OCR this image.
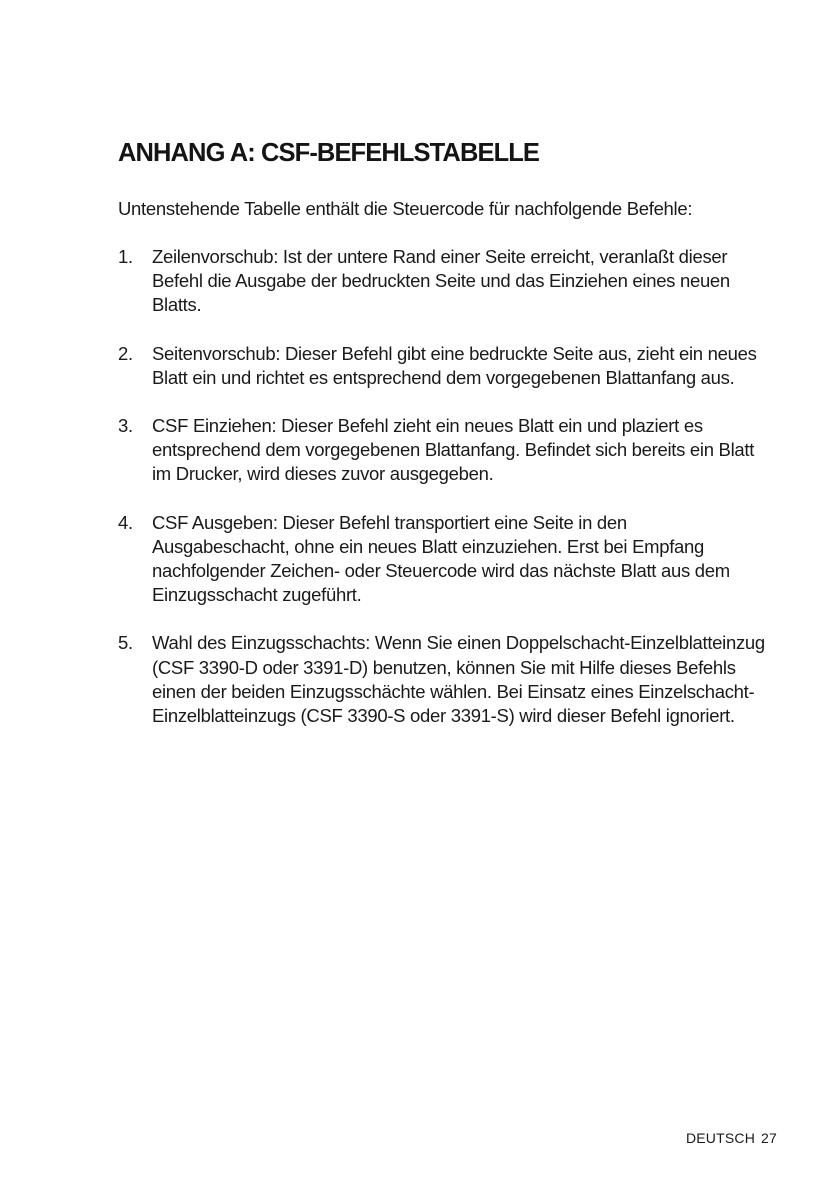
ANHANG A: CSF-BEFEHLSTABELLE

Untenstehende Tabelle enthält die Steuercode für nachfolgende Befehle:

1. Zeilenvorschub: Ist der untere Rand einer Seite erreicht, veranlaßt dieser Befehl die Ausgabe der bedruckten Seite und das Einziehen eines neuen Blatts.
2. Seitenvorschub: Dieser Befehl gibt eine bedruckte Seite aus, zieht ein neues Blatt ein und richtet es entsprechend dem vorgegebenen Blattanfang aus.
3. CSF Einziehen: Dieser Befehl zieht ein neues Blatt ein und plaziert es entsprechend dem vorgegebenen Blattanfang. Befindet sich bereits ein Blatt im Drucker, wird dieses zuvor ausgegeben.
4. CSF Ausgeben: Dieser Befehl transportiert eine Seite in den Ausgabeschacht, ohne ein neues Blatt einzuziehen. Erst bei Empfang nachfolgender Zeichen- oder Steuercode wird das nächste Blatt aus dem Einzugsschacht zugeführt.
5. Wahl des Einzugsschachts: Wenn Sie einen Doppelschacht-Einzelblatteinzug (CSF 3390-D oder 3391-D) benutzen, können Sie mit Hilfe dieses Befehls einen der beiden Einzugsschächte wählen. Bei Einsatz eines Einzelschacht-Einzelblatteinzugs (CSF 3390-S oder 3391-S) wird dieser Befehl ignoriert.
DEUTSCH 27
